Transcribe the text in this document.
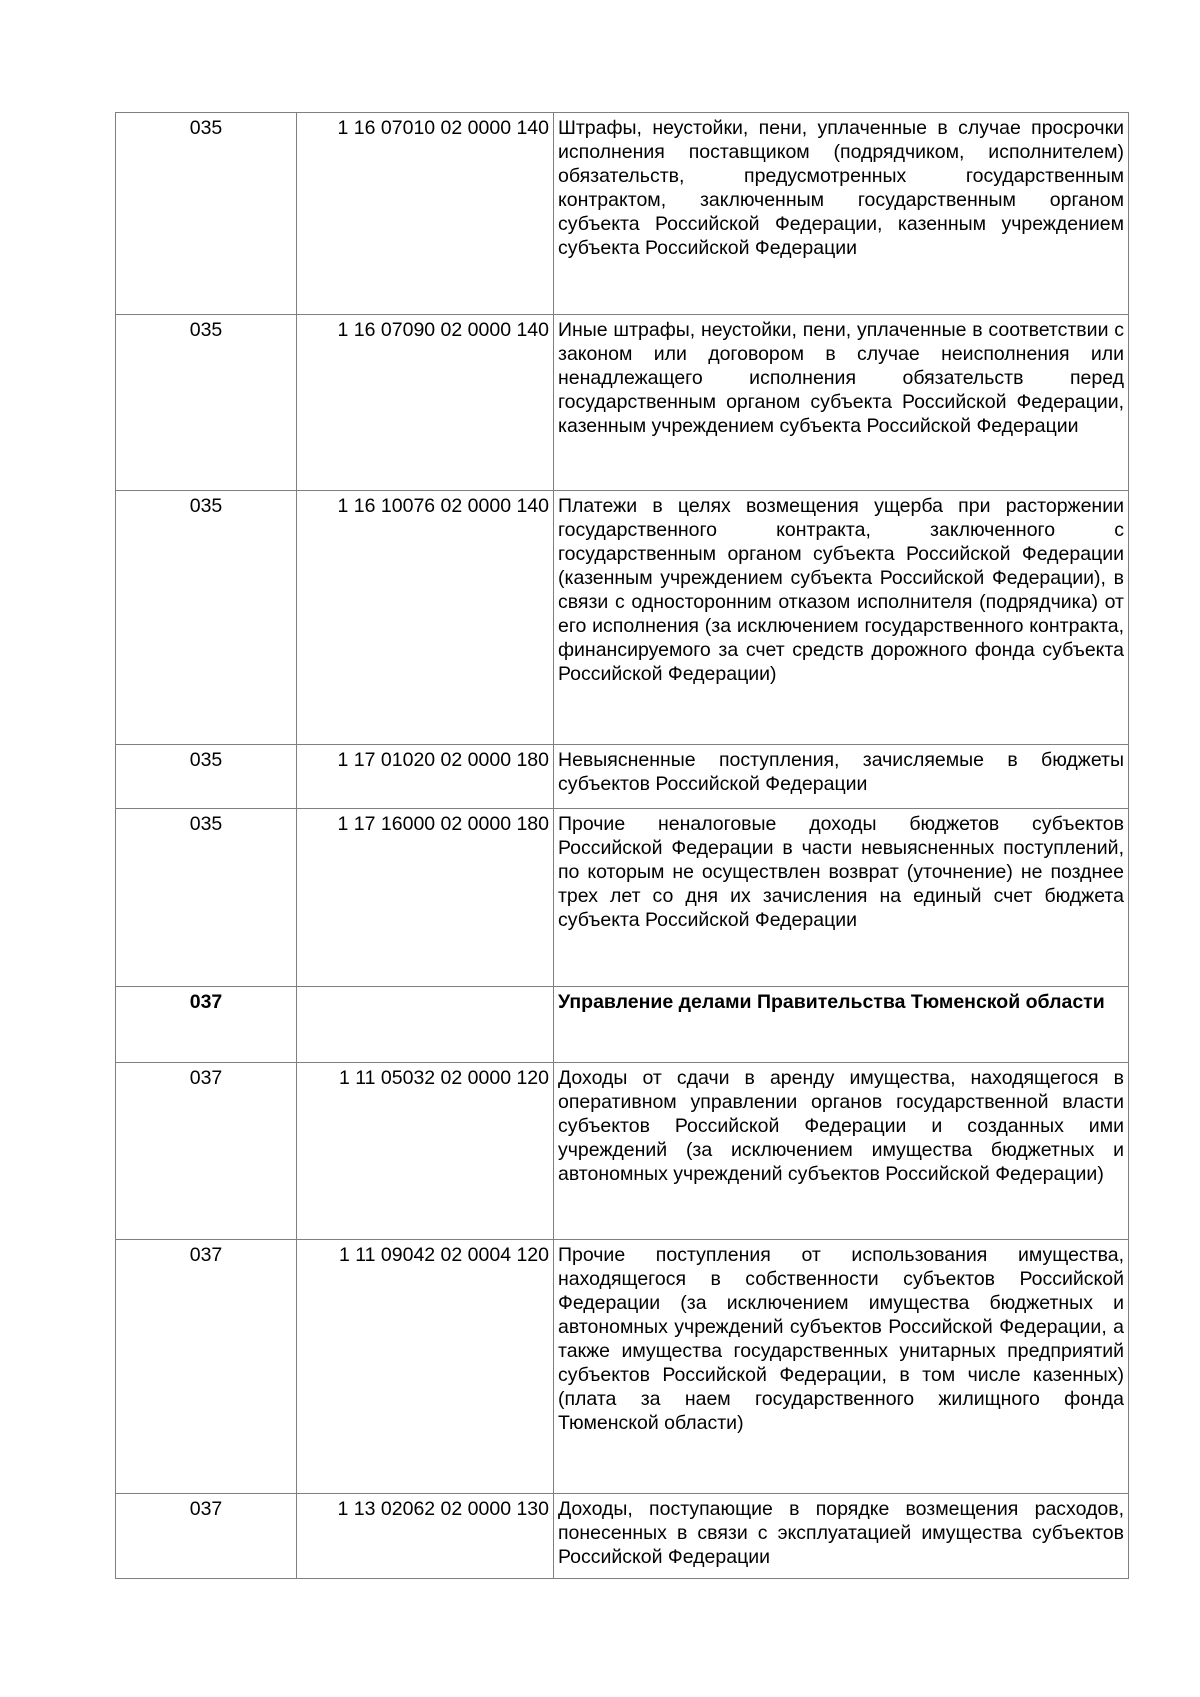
035	1 16 07010 02 0000 140	Штрафы, неустойки, пени, уплаченные в случае просрочки исполнения поставщиком (подрядчиком, исполнителем) обязательств, предусмотренных государственным контрактом, заключенным государственным органом субъекта Российской Федерации, казенным учреждением субъекта Российской Федерации
035	1 16 07090 02 0000 140	Иные штрафы, неустойки, пени, уплаченные в соответствии с законом или договором в случае неисполнения или ненадлежащего исполнения обязательств перед государственным органом субъекта Российской Федерации, казенным учреждением субъекта Российской Федерации
035	1 16 10076 02 0000 140	Платежи в целях возмещения ущерба при расторжении государственного контракта, заключенного с государственным органом субъекта Российской Федерации (казенным учреждением субъекта Российской Федерации), в связи с односторонним отказом исполнителя (подрядчика) от его исполнения (за исключением государственного контракта, финансируемого за счет средств дорожного фонда субъекта Российской Федерации)
035	1 17 01020 02 0000 180	Невыясненные поступления, зачисляемые в бюджеты субъектов Российской Федерации
035	1 17 16000 02 0000 180	Прочие неналоговые доходы бюджетов субъектов Российской Федерации в части невыясненных поступлений, по которым не осуществлен возврат (уточнение) не позднее трех лет со дня их зачисления на единый счет бюджета субъекта Российской Федерации
037		Управление делами Правительства Тюменской области
037	1 11 05032 02 0000 120	Доходы от сдачи в аренду имущества, находящегося в оперативном управлении органов государственной власти субъектов Российской Федерации и созданных ими учреждений (за исключением имущества бюджетных и автономных учреждений субъектов Российской Федерации)
037	1 11 09042 02 0004 120	Прочие поступления от использования имущества, находящегося в собственности субъектов Российской Федерации (за исключением имущества бюджетных и автономных учреждений субъектов Российской Федерации, а также имущества государственных унитарных предприятий субъектов Российской Федерации, в том числе казенных) (плата за наем государственного жилищного фонда Тюменской области)
037	1 13 02062 02 0000 130	Доходы, поступающие в порядке возмещения расходов, понесенных в связи с эксплуатацией имущества субъектов Российской Федерации
